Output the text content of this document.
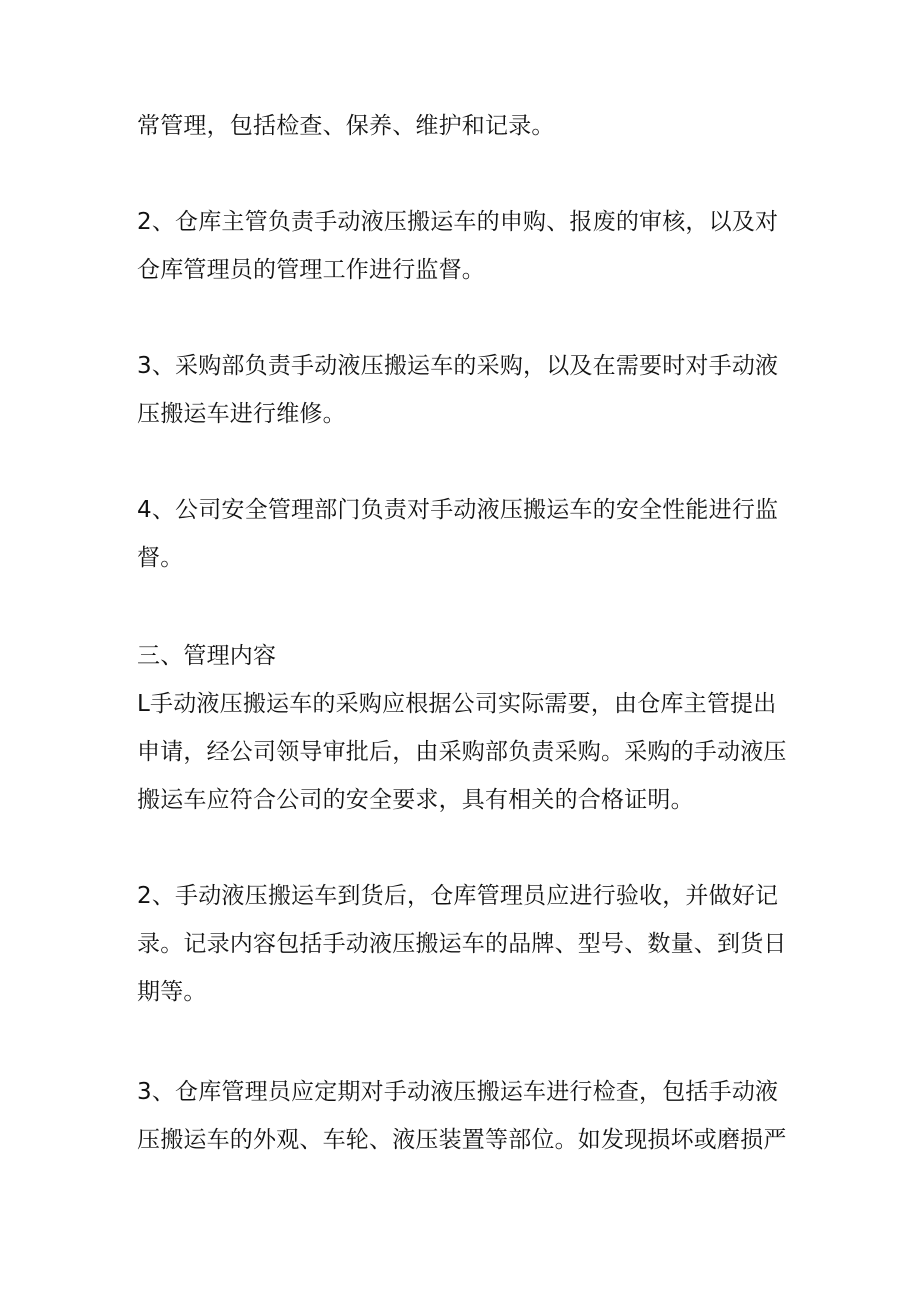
常管理，包括检查、保养、维护和记录。
2、仓库主管负责手动液压搬运车的申购、报废的审核，以及对
仓库管理员的管理工作进行监督。
3、采购部负责手动液压搬运车的采购，以及在需要时对手动液
压搬运车进行维修。
4、公司安全管理部门负责对手动液压搬运车的安全性能进行监
督。
三、管理内容
L手动液压搬运车的采购应根据公司实际需要，由仓库主管提出
申请，经公司领导审批后，由采购部负责采购。采购的手动液压
搬运车应符合公司的安全要求，具有相关的合格证明。
2、手动液压搬运车到货后，仓库管理员应进行验收，并做好记
录。记录内容包括手动液压搬运车的品牌、型号、数量、到货日
期等。
3、仓库管理员应定期对手动液压搬运车进行检查，包括手动液
压搬运车的外观、车轮、液压装置等部位。如发现损坏或磨损严
